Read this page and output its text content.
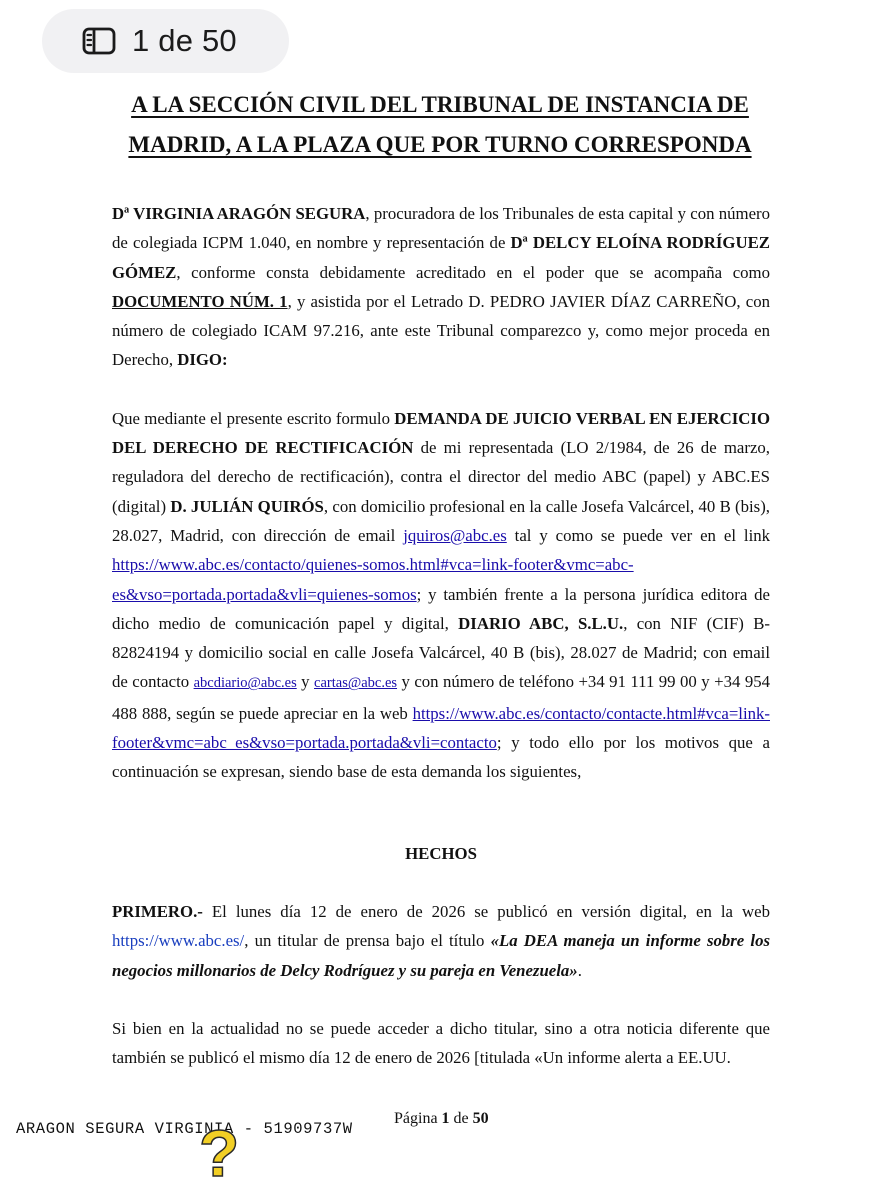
1 de 50
A LA SECCIÓN CIVIL DEL TRIBUNAL DE INSTANCIA DE
MADRID, A LA PLAZA QUE POR TURNO CORRESPONDA

Dª VIRGINIA ARAGÓN SEGURA, procuradora de los Tribunales de esta capital y con número de colegiada ICPM 1.040, en nombre y representación de Dª DELCY ELOÍNA RODRÍGUEZ GÓMEZ, conforme consta debidamente acreditado en el poder que se acompaña como DOCUMENTO NÚM. 1, y asistida por el Letrado D. PEDRO JAVIER DÍAZ CARREÑO, con número de colegiado ICAM 97.216, ante este Tribunal comparezco y, como mejor proceda en Derecho, DIGO:

Que mediante el presente escrito formulo DEMANDA DE JUICIO VERBAL EN EJERCICIO DEL DERECHO DE RECTIFICACIÓN de mi representada (LO 2/1984, de 26 de marzo, reguladora del derecho de rectificación), contra el director del medio ABC (papel) y ABC.ES (digital) D. JULIÁN QUIRÓS, con domicilio profesional en la calle Josefa Valcárcel, 40 B (bis), 28.027, Madrid, con dirección de email jquiros@abc.es tal y como se puede ver en el link https://www.abc.es/contacto/quienes-somos.html#vca=link-footer&vmc=abc-es&vso=portada.portada&vli=quienes-somos; y también frente a la persona jurídica editora de dicho medio de comunicación papel y digital, DIARIO ABC, S.L.U., con NIF (CIF) B-82824194 y domicilio social en calle Josefa Valcárcel, 40 B (bis), 28.027 de Madrid; con email de contacto abcdiario@abc.es y cartas@abc.es y con número de teléfono +34 91 111 99 00 y +34 954 488 888, según se puede apreciar en la web https://www.abc.es/contacto/contacte.html#vca=link-footer&vmc=abc_es&vso=portada.portada&vli=contacto; y todo ello por los motivos que a continuación se expresan, siendo base de esta demanda los siguientes,

HECHOS

PRIMERO.- El lunes día 12 de enero de 2026 se publicó en versión digital, en la web https://www.abc.es/, un titular de prensa bajo el título «La DEA maneja un informe sobre los negocios millonarios de Delcy Rodríguez y su pareja en Venezuela».

Si bien en la actualidad no se puede acceder a dicho titular, sino a otra noticia diferente que también se publicó el mismo día 12 de enero de 2026 [titulada «Un informe alerta a EE.UU.

ARAGON SEGURA VIRGINIA - 51909737W
Página 1 de 50
?
